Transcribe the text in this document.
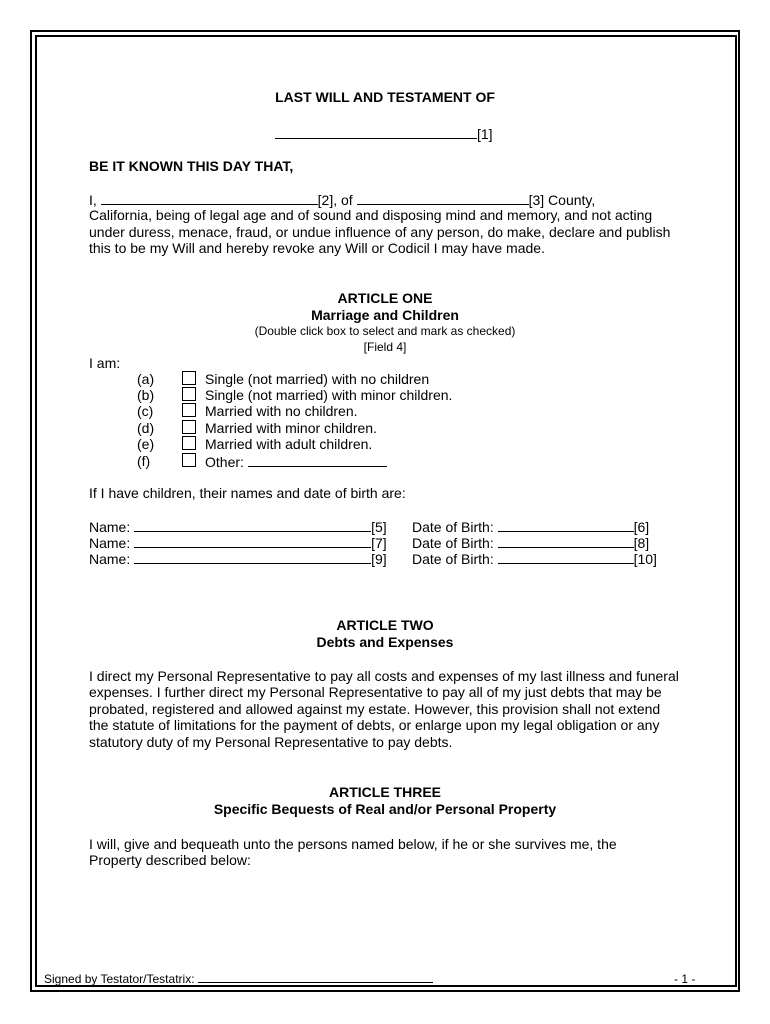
LAST WILL AND TESTAMENT OF
[1]
BE IT KNOWN THIS DAY THAT,
I,	[2], of	[3] County,
California, being of legal age and of sound and disposing mind and memory, and not acting
under duress, menace, fraud, or undue influence of any person, do make, declare and publish
this to be my Will and hereby revoke any Will or Codicil I may have made.
ARTICLE ONE
Marriage and Children
(Double click box to select and mark as checked)
[Field 4]
I am:
(a)	Single (not married) with no children
(b)	Single (not married) with minor children.
(c)	Married with no children.
(d)	Married with minor children.
(e)	Married with adult children.
(f)	Other:
If I have children, their names and date of birth are:
Name:	[5] Date of Birth:	[6]
Name:	[7] Date of Birth:	[8]
Name:	[9] Date of Birth:	[10]
ARTICLE TWO
Debts and Expenses
I direct my Personal Representative to pay all costs and expenses of my last illness and funeral
expenses. I further direct my Personal Representative to pay all of my just debts that may be
probated, registered and allowed against my estate. However, this provision shall not extend
the statute of limitations for the payment of debts, or enlarge upon my legal obligation or any
statutory duty of my Personal Representative to pay debts.
ARTICLE THREE
Specific Bequests of Real and/or Personal Property
I will, give and bequeath unto the persons named below, if he or she survives me, the
Property described below:
Signed by Testator/Testatrix:	- 1 -
